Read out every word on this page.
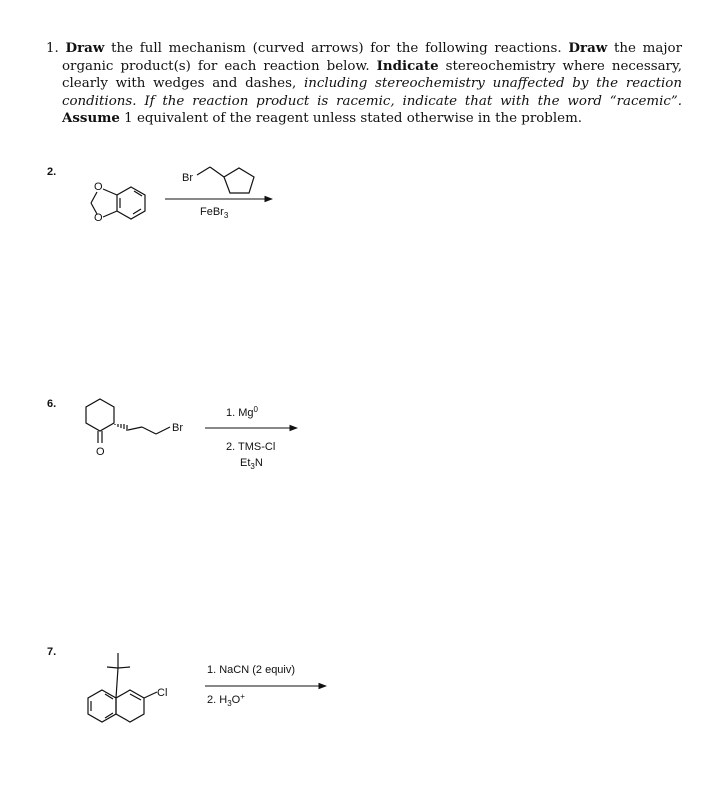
1. Draw the full mechanism (curved arrows) for the following reactions. Draw the major organic product(s) for each reaction below. Indicate stereochemistry where necessary, clearly with wedges and dashes, including stereochemistry unaffected by the reaction conditions. If the reaction product is racemic, indicate that with the word “racemic”. Assume 1 equivalent of the reagent unless stated otherwise in the problem.

2.
6.
7.
O
O
Br
FeBr$_3$
O
Br
1. Mg$^0$
2. TMS-Cl
$Et_3N$
Cl
1. NaCN (2 equiv)
2. $H_3O^+$
